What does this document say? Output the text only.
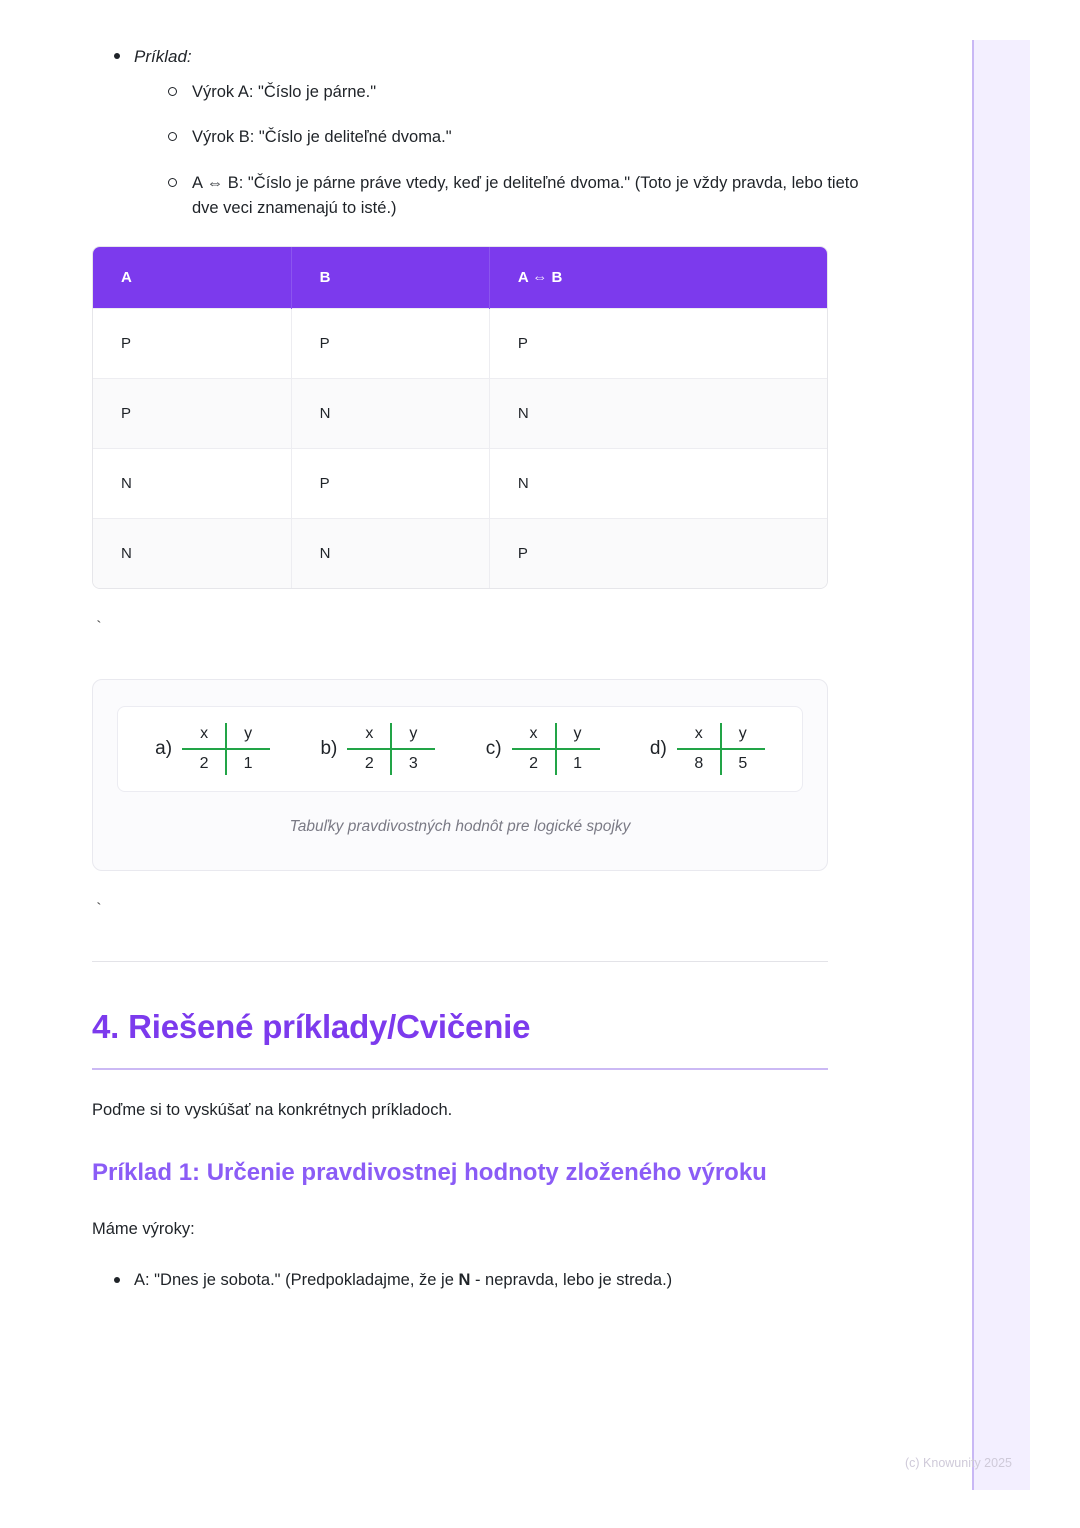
Príklad:
Výrok A: "Číslo je párne."
Výrok B: "Číslo je deliteľné dvoma."
A ⇔ B: "Číslo je párne práve vtedy, keď je deliteľné dvoma." (Toto je vždy pravda, lebo tieto dve veci znamenajú to isté.)
A	B	A ⇔ B
P	P	P
P	N	N
N	P	N
N	N	P
`
a)
x	y
2	1
b)
x	y
2	3
c)
x	y
2	1
d)
x	y
8	5
Tabuľky pravdivostných hodnôt pre logické spojky
`
4. Riešené príklady/Cvičenie

Poďme si to vyskúšať na konkrétnych príkladoch.

Príklad 1: Určenie pravdivostnej hodnoty zloženého výroku

Máme výroky:

A: "Dnes je sobota." (Predpokladajme, že je N - nepravda, lebo je streda.)
(c) Knowunity 2025
